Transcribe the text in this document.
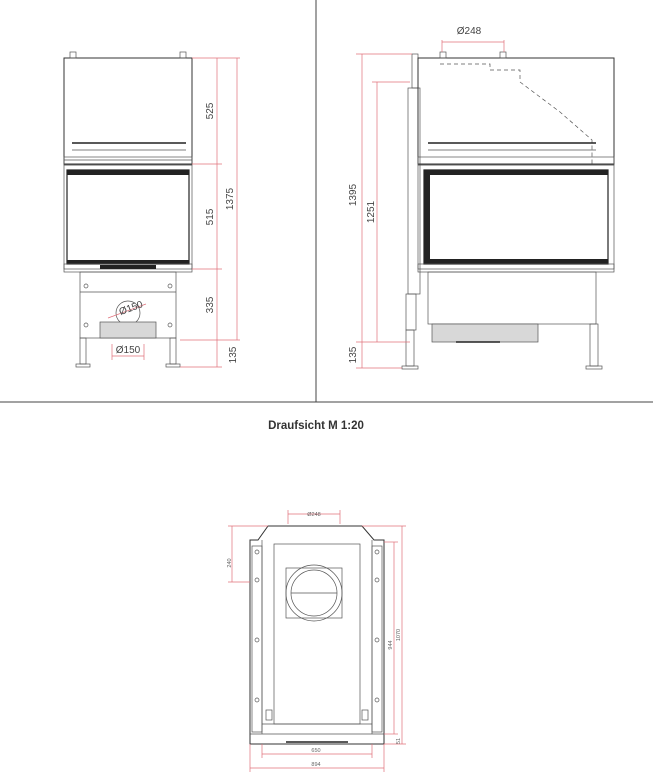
Ø150
Ø150
525
515
335
1375
135
Ø248
1395
1251
135
Draufsicht M 1:20
Ø248
240
1070
944
51
650
894
